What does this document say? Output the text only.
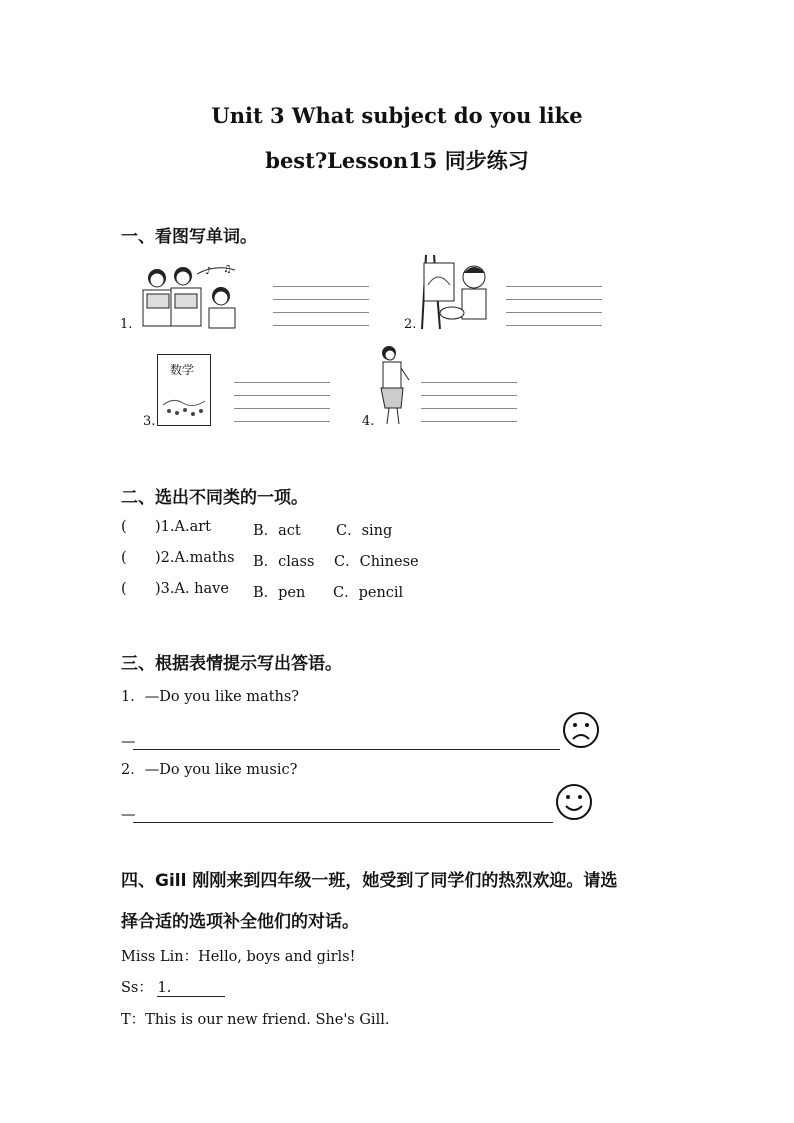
Unit 3 What subject do you like
best?Lesson15 同步练习
一、看图写单词。
1.
♪ ♫
2.
3.
数学
4.
二、选出不同类的一项。
( )1.A.art	B．act C．sing
( )2.A.maths B．class C．Chinese
( )3.A. have B．pen C．pencil
三、根据表情提示写出答语。
1．—Do you like maths?
—
2．—Do you like music?
—
四、Gill 刚刚来到四年级一班，她受到了同学们的热烈欢迎。请选
择合适的选项补全他们的对话。
Miss Lin：Hello, boys and girls!
Ss： 1.
T：This is our new friend. She's Gill.
